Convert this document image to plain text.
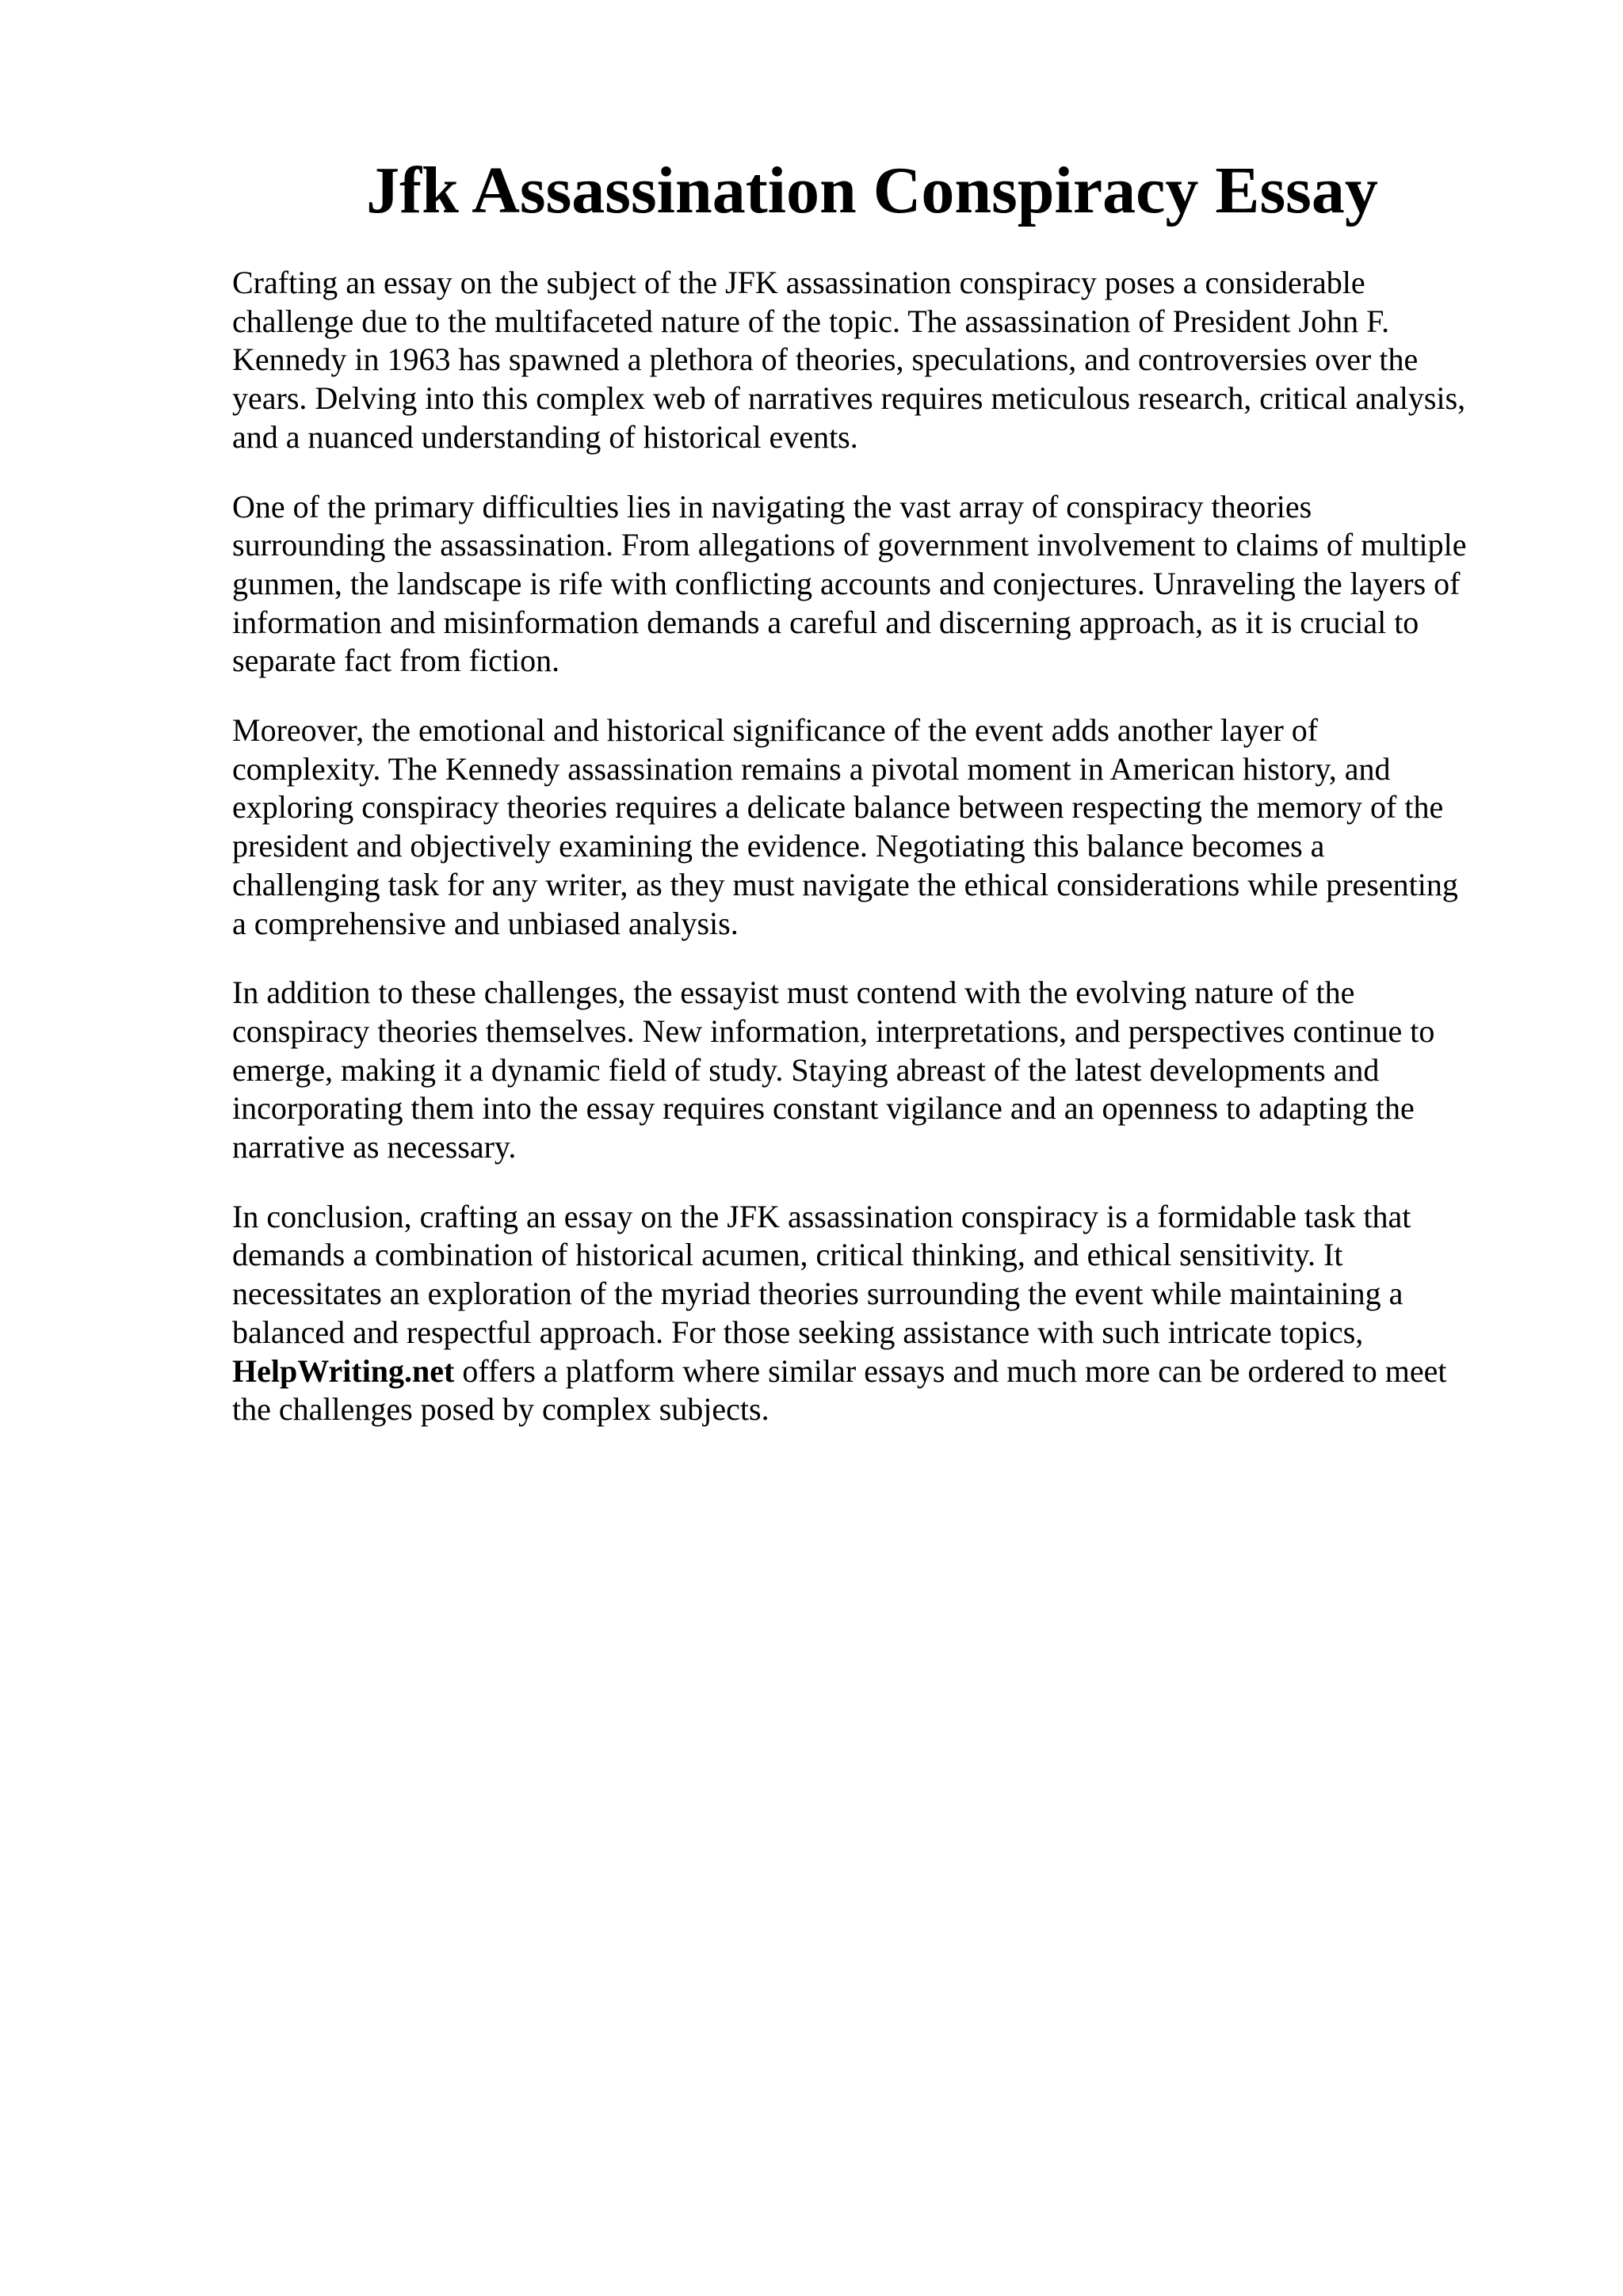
Jfk Assassination Conspiracy Essay

Crafting an essay on the subject of the JFK assassination conspiracy poses a considerable
challenge due to the multifaceted nature of the topic. The assassination of President John F.
Kennedy in 1963 has spawned a plethora of theories, speculations, and controversies over the
years. Delving into this complex web of narratives requires meticulous research, critical analysis,
and a nuanced understanding of historical events.

One of the primary difficulties lies in navigating the vast array of conspiracy theories
surrounding the assassination. From allegations of government involvement to claims of multiple
gunmen, the landscape is rife with conflicting accounts and conjectures. Unraveling the layers of
information and misinformation demands a careful and discerning approach, as it is crucial to
separate fact from fiction.

Moreover, the emotional and historical significance of the event adds another layer of
complexity. The Kennedy assassination remains a pivotal moment in American history, and
exploring conspiracy theories requires a delicate balance between respecting the memory of the
president and objectively examining the evidence. Negotiating this balance becomes a
challenging task for any writer, as they must navigate the ethical considerations while presenting
a comprehensive and unbiased analysis.

In addition to these challenges, the essayist must contend with the evolving nature of the
conspiracy theories themselves. New information, interpretations, and perspectives continue to
emerge, making it a dynamic field of study. Staying abreast of the latest developments and
incorporating them into the essay requires constant vigilance and an openness to adapting the
narrative as necessary.

In conclusion, crafting an essay on the JFK assassination conspiracy is a formidable task that
demands a combination of historical acumen, critical thinking, and ethical sensitivity. It
necessitates an exploration of the myriad theories surrounding the event while maintaining a
balanced and respectful approach. For those seeking assistance with such intricate topics,
HelpWriting.net offers a platform where similar essays and much more can be ordered to meet
the challenges posed by complex subjects.
